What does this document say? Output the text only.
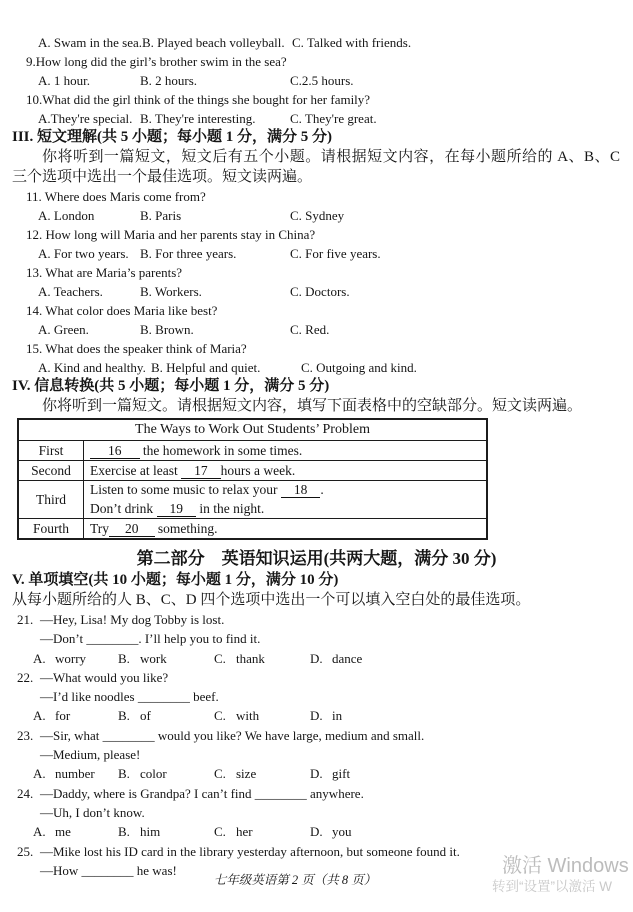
A. Swam in the sea.B. Played beach volleyball. C. Talked with friends.
9.How long did the girl’s brother swim in the sea?
A. 1 hour.	B. 2 hours.	C.2.5 hours.
10.What did the girl think of the things she bought for her family?
A.They're special. B. They're interesting.	C. They're great.
III. 短文理解(共 5 小题；每小题 1 分，满分 5 分)
你将听到一篇短文，短文后有五个小题。请根据短文内容，在每小题所给的 A、B、C 三个选项中选出一个最佳选项。短文读两遍。
11. Where does Maris come from?
A. London	B. Paris	C. Sydney
12. How long will Maria and her parents stay in China?
A. For two years. B. For three years.	C. For five years.
13. What are Maria’s parents?
A. Teachers.	B. Workers.	C. Doctors.
14. What color does Maria like best?
A. Green.	B. Brown.	C. Red.
15. What does the speaker think of Maria?
A. Kind and healthy. B. Helpful and quiet.	C. Outgoing and kind.
IV. 信息转换(共 5 小题；每小题 1 分，满分 5 分)
你将听到一篇短文。请根据短文内容，填写下面表格中的空缺部分。短文读两遍。
The Ways to Work Out Students’ Problem	
First	16 the homework in some times.
Second	Exercise at least 17 hours a week.
Third	Listen to some music to relax your 18 .
Don’t drink 19 in the night.

Fourth	Try 20 something.
第二部分　英语知识运用(共两大题，满分 30 分)
V. 单项填空(共 10 小题；每小题 1 分，满分 10 分)
从每小题所给的人 B、C、D 四个选项中选出一个可以填入空白处的最佳选项。
21. —Hey, Lisa! My dog Tobby is lost.
—Don’t ________. I’ll help you to find it.
A. worry B. work	C. thank	D. dance
22. —What would you like?
—I’d like noodles ________ beef.
A. for	B. of	C. with	D. in
23. —Sir, what ________ would you like? We have large, medium and small.
—Medium, please!
A. number B. color	C. size	D. gift
24. —Daddy, where is Grandpa? I can’t find ________ anywhere.
—Uh, I don’t know.
A. me	B. him	C. her	D. you
25. —Mike lost his ID card in the library yesterday afternoon, but someone found it.
—How ________ he was!
七年级英语第 2 页（共 8 页）
激活 Windows
转到“设置”以激活 W
